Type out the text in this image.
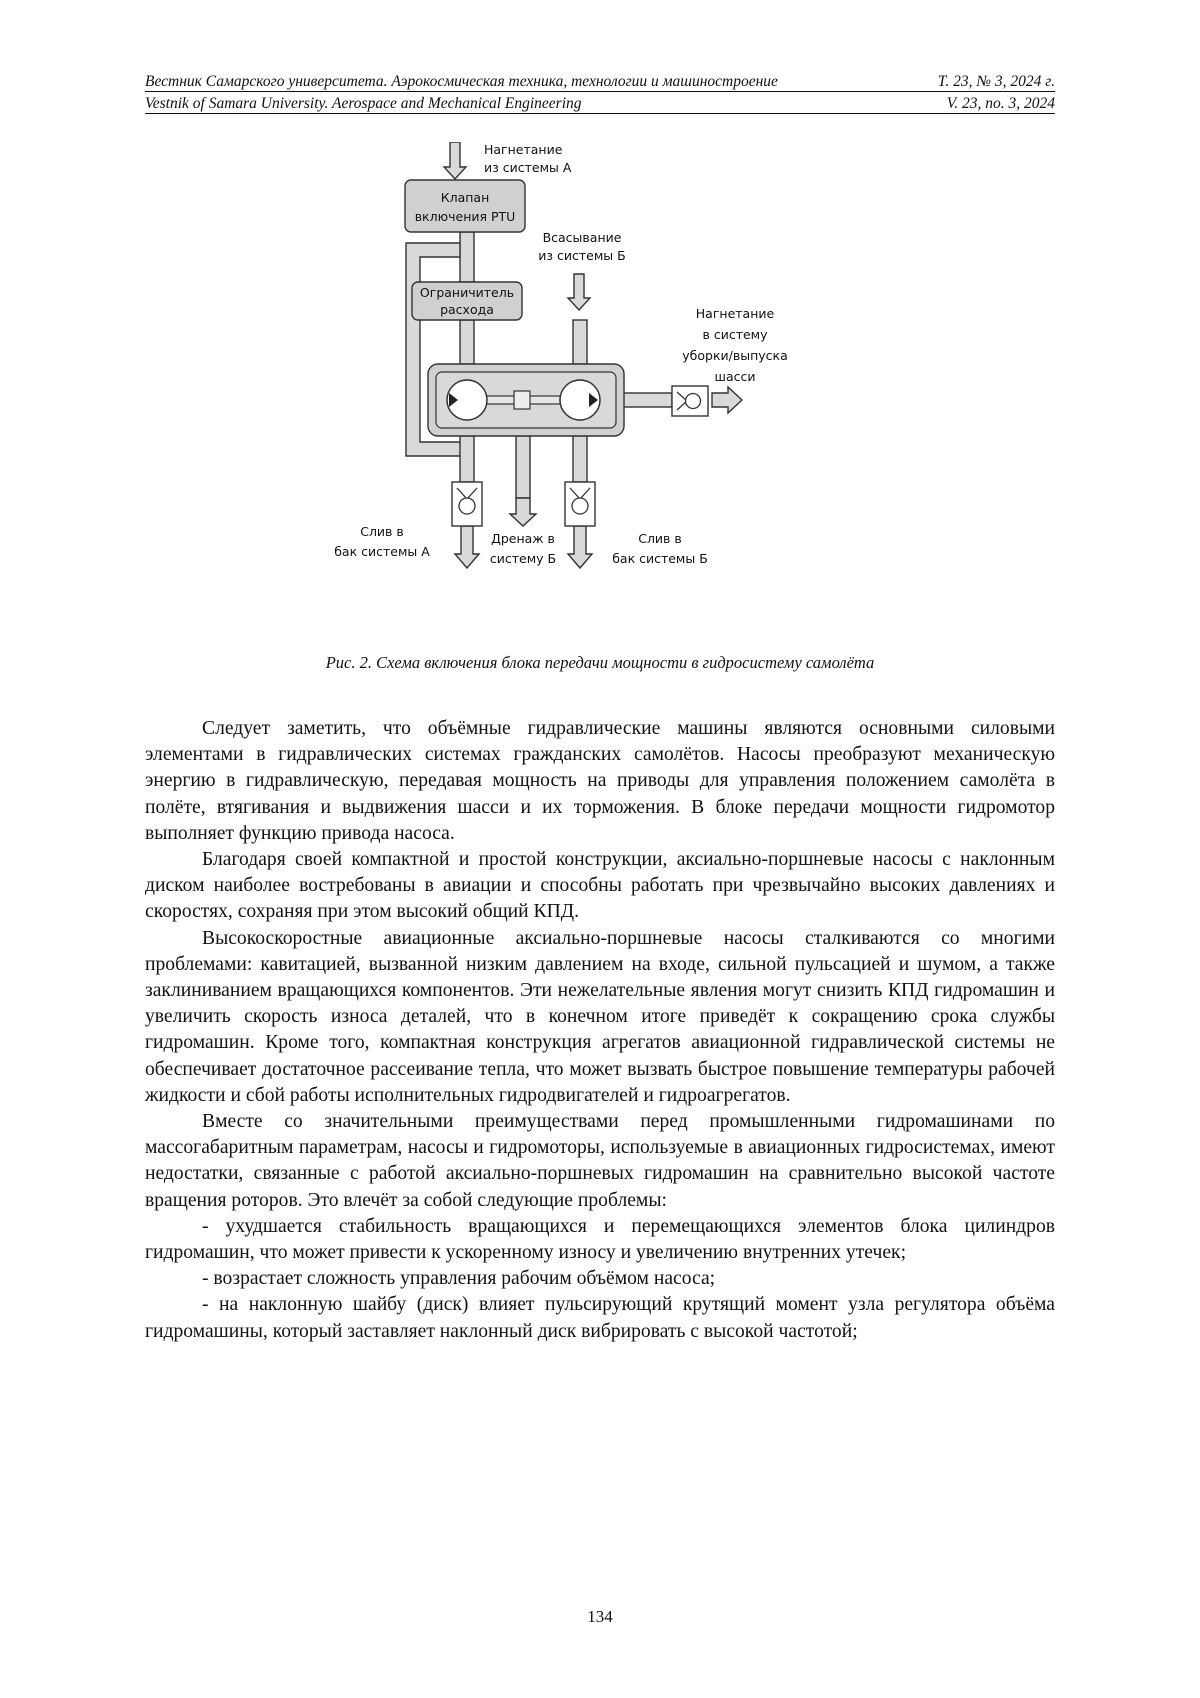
Вестник Самарского университета. Аэрокосмическая техника, технологии и машиностроение	Т. 23, № 3, 2024 г.
Vestnik of Samara University. Aerospace and Mechanical Engineering	V. 23, no. 3, 2024
Нагнетание
из системы А
Клапан
включения PTU
Всасывание
из системы Б
Ограничитель
расхода	Нагнетание
в систему
уборки/выпуска
шасси
Слив в
бак системы А
Дренаж в
систему Б
Слив в
бак системы Б
Рис. 2. Схема включения блока передачи мощности в гидросистему самолёта

Следует заметить, что объёмные гидравлические машины являются основными силовыми элементами в гидравлических системах гражданских самолётов. Насосы преобразуют механическую энергию в гидравлическую, передавая мощность на приводы для управления положением самолёта в полёте, втягивания и выдвижения шасси и их торможения. В блоке передачи мощности гидромотор выполняет функцию привода насоса.

Благодаря своей компактной и простой конструкции, аксиально-поршневые насосы с наклонным диском наиболее востребованы в авиации и способны работать при чрезвычайно высоких давлениях и скоростях, сохраняя при этом высокий общий КПД.

Высокоскоростные авиационные аксиально-поршневые насосы сталкиваются со многими проблемами: кавитацией, вызванной низким давлением на входе, сильной пульсацией и шумом, а также заклиниванием вращающихся компонентов. Эти нежелательные явления могут снизить КПД гидромашин и увеличить скорость износа деталей, что в конечном итоге приведёт к сокращению срока службы гидромашин. Кроме того, компактная конструкция агрегатов авиационной гидравлической системы не обеспечивает достаточное рассеивание тепла, что может вызвать быстрое повышение температуры рабочей жидкости и сбой работы исполнительных гидродвигателей и гидроагрегатов.

Вместе со значительными преимуществами перед промышленными гидромашинами по массогабаритным параметрам, насосы и гидромоторы, используемые в авиационных гидросистемах, имеют недостатки, связанные с работой аксиально-поршневых гидромашин на сравнительно высокой частоте вращения роторов. Это влечёт за собой следующие проблемы:

- ухудшается стабильность вращающихся и перемещающихся элементов блока цилиндров гидромашин, что может привести к ускоренному износу и увеличению внутренних утечек;

- возрастает сложность управления рабочим объёмом насоса;

- на наклонную шайбу (диск) влияет пульсирующий крутящий момент узла регулятора объёма гидромашины, который заставляет наклонный диск вибрировать с высокой частотой;

134
